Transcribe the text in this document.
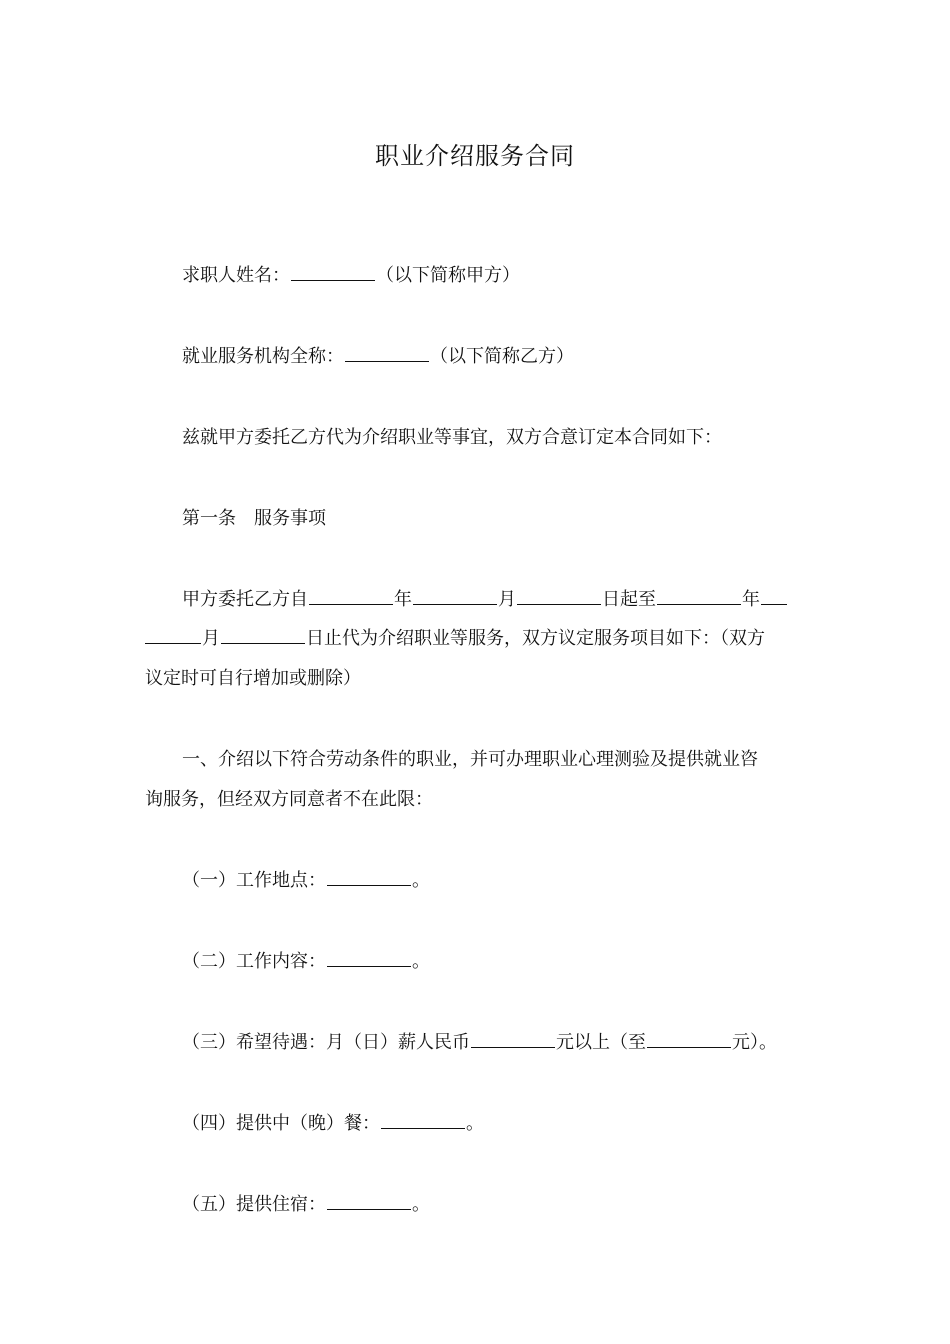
职业介绍服务合同
求职人姓名：	（以下简称甲方）
就业服务机构全称：	（以下简称乙方）
兹就甲方委托乙方代为介绍职业等事宜，双方合意订定本合同如下：
第一条 服务事项
甲方委托乙方自	年	月	日起至	年
月	日止代为介绍职业等服务，双方议定服务项目如下：（双方
议定时可自行增加或删除）
一、介绍以下符合劳动条件的职业，并可办理职业心理测验及提供就业咨
询服务，但经双方同意者不在此限：
（一）工作地点：	。
（二）工作内容：	。
（三）希望待遇：月（日）薪人民币	元以上（至	元）。
（四）提供中（晚）餐：	。
（五）提供住宿：	。
